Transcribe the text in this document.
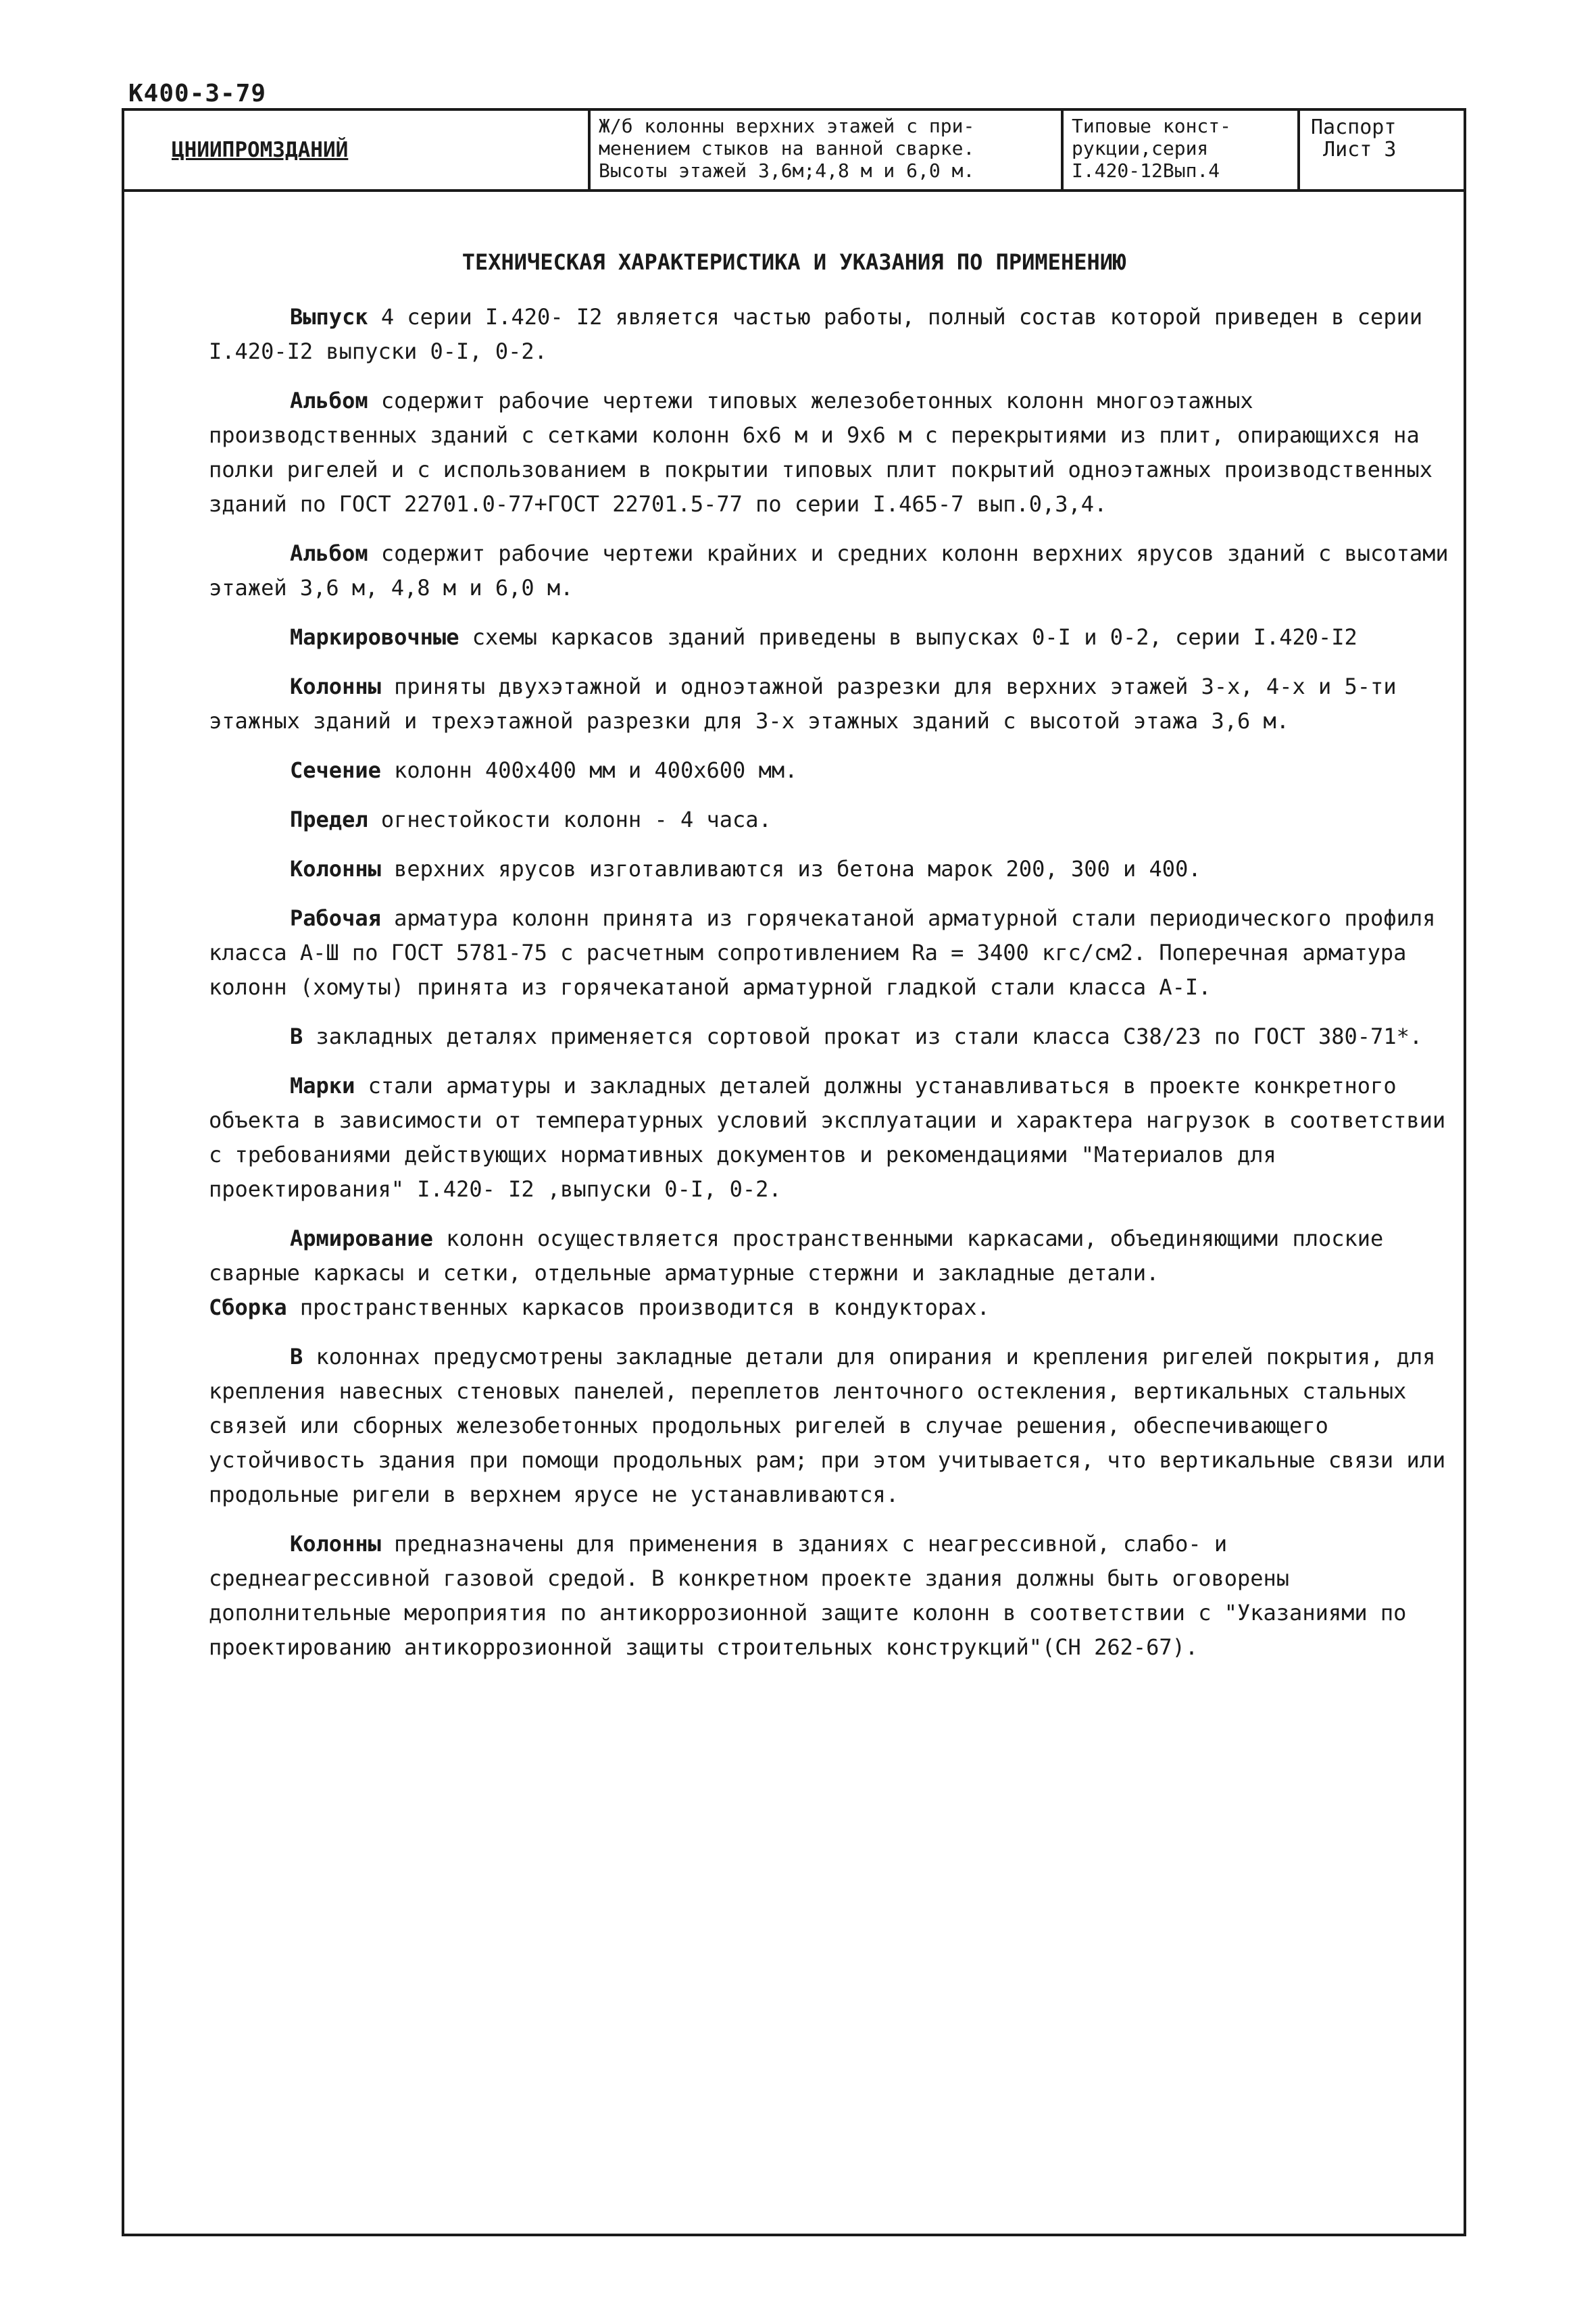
К400-3-79
ЦНИИПРОМЗДАНИЙ
Ж/б колонны верхних этажей с при-
менением стыков на ванной сварке.
Высоты этажей 3,6м;4,8 м и 6,0 м.
Типовые конст-
рукции,серия
I.420-12Вып.4
Паспорт
Лист 3
ТЕХНИЧЕСКАЯ ХАРАКТЕРИСТИКА И УКАЗАНИЯ ПО ПРИМЕНЕНИЮ

Выпуск 4 серии I.420- I2 является частью работы, полный состав которой приведен в серии I.420-I2 выпуски 0-I, 0-2.

Альбом содержит рабочие чертежи типовых железобетонных колонн многоэтажных производственных зданий с сетками колонн 6х6 м и 9х6 м с перекрытиями из плит, опирающихся на полки ригелей и с использованием в покрытии типовых плит покрытий одноэтажных производственных зданий по ГОСТ 22701.0-77+ГОСТ 22701.5-77 по серии I.465-7 вып.0,3,4.

Альбом содержит рабочие чертежи крайних и средних колонн верхних ярусов зданий с высотами этажей 3,6 м, 4,8 м и 6,0 м.

Маркировочные схемы каркасов зданий приведены в выпусках 0-I и 0-2, серии I.420-I2

Колонны приняты двухэтажной и одноэтажной разрезки для верхних этажей 3-х, 4-х и 5-ти этажных зданий и трехэтажной разрезки для 3-х этажных зданий с высотой этажа 3,6 м.

Сечение колонн 400х400 мм и 400х600 мм.

Предел огнестойкости колонн - 4 часа.

Колонны верхних ярусов изготавливаются из бетона марок 200, 300 и 400.

Рабочая арматура колонн принята из горячекатаной арматурной стали периодического профиля класса А-Ш по ГОСТ 5781-75 с расчетным сопротивлением Rа = 3400 кгс/см2. Поперечная арматура колонн (хомуты) принята из горячекатаной арматурной гладкой стали класса А-I.

В закладных деталях применяется сортовой прокат из стали класса С38/23 по ГОСТ 380-71*.

Марки стали арматуры и закладных деталей должны устанавливаться в проекте конкретного объекта в зависимости от температурных условий эксплуатации и характера нагрузок в соответствии с требованиями действующих нормативных документов и рекомендациями "Материалов для проектирования" I.420- I2 ,выпуски 0-I, 0-2.

Армирование колонн осуществляется пространственными каркасами, объединяющими плоские сварные каркасы и сетки, отдельные арматурные стержни и закладные детали.

Сборка пространственных каркасов производится в кондукторах.

В колоннах предусмотрены закладные детали для опирания и крепления ригелей покрытия, для крепления навесных стеновых панелей, переплетов ленточного остекления, вертикальных стальных связей или сборных железобетонных продольных ригелей в случае решения, обеспечивающего устойчивость здания при помощи продольных рам; при этом учитывается, что вертикальные связи или продольные ригели в верхнем ярусе не устанавливаются.

Колонны предназначены для применения в зданиях с неагрессивной, слабо- и среднеагрессивной газовой средой. В конкретном проекте здания должны быть оговорены дополнительные мероприятия по антикоррозионной защите колонн в соответствии с "Указаниями по проектированию антикоррозионной защиты строительных конструкций"(СН 262-67).
